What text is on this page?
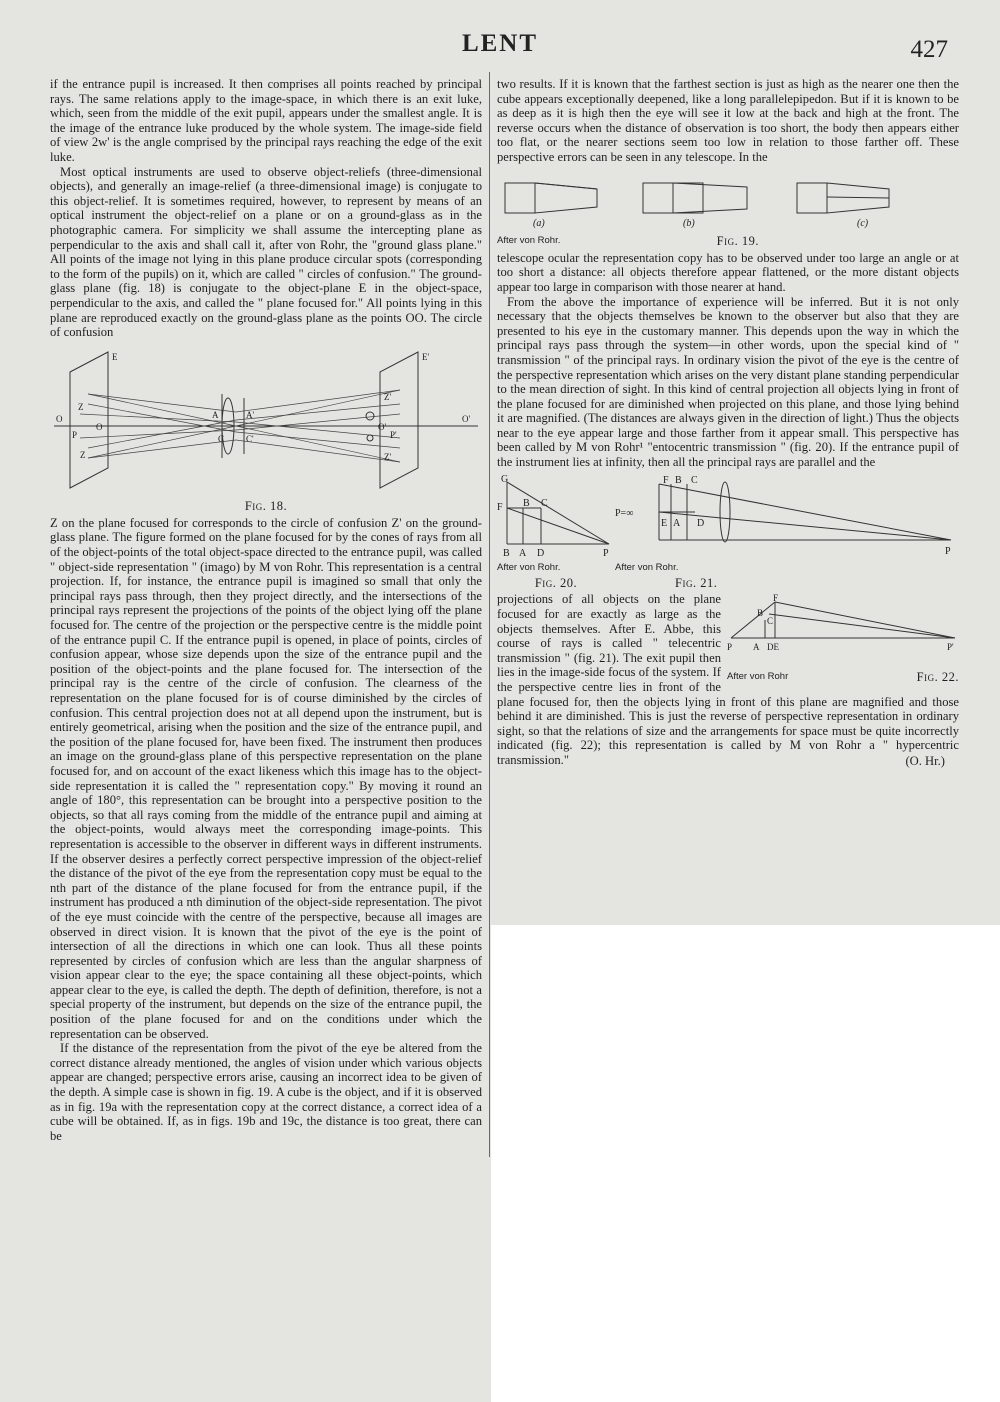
LENT	427

if the entrance pupil is increased. It then comprises all points reached by principal rays. The same relations apply to the image-space, in which there is an exit luke, which, seen from the middle of the exit pupil, appears under the smallest angle. It is the image of the entrance luke produced by the whole system. The image-side field of view 2w' is the angle comprised by the principal rays reaching the edge of the exit luke.

Most optical instruments are used to observe object-reliefs (three-dimensional objects), and generally an image-relief (a three-dimensional image) is conjugate to this object-relief. It is sometimes required, however, to represent by means of an optical instrument the object-relief on a plane or on a ground-glass as in the photographic camera. For simplicity we shall assume the intercepting plane as perpendicular to the axis and shall call it, after von Rohr, the "ground glass plane." All points of the image not lying in this plane produce circular spots (corresponding to the form of the pupils) on it, which are called " circles of confusion." The ground-glass plane (fig. 18) is conjugate to the object-plane E in the object-space, perpendicular to the axis, and called the " plane focused for." All points lying in this plane are reproduced exactly on the ground-glass plane as the points OO. The circle of confusion

E	E'
Z
Z'
A	A'
C C'
O	O'
P	P'
O	O'
Z	Z'
Fig. 18.

Z on the plane focused for corresponds to the circle of confusion Z' on the ground-glass plane. The figure formed on the plane focused for by the cones of rays from all of the object-points of the total object-space directed to the entrance pupil, was called " object-side representation " (imago) by M von Rohr. This representation is a central projection. If, for instance, the entrance pupil is imagined so small that only the principal rays pass through, then they project directly, and the intersections of the principal rays represent the projections of the points of the object lying off the plane focused for. The centre of the projection or the perspective centre is the middle point of the entrance pupil C. If the entrance pupil is opened, in place of points, circles of confusion appear, whose size depends upon the size of the entrance pupil and the position of the object-points and the plane focused for. The intersection of the principal ray is the centre of the circle of confusion. The clearness of the representation on the plane focused for is of course diminished by the circles of confusion. This central projection does not at all depend upon the instrument, but is entirely geometrical, arising when the position and the size of the entrance pupil, and the position of the plane focused for, have been fixed. The instrument then produces an image on the ground-glass plane of this perspective representation on the plane focused for, and on account of the exact likeness which this image has to the object-side representation it is called the " representation copy." By moving it round an angle of 180°, this representation can be brought into a perspective position to the objects, so that all rays coming from the middle of the entrance pupil and aiming at the object-points, would always meet the corresponding image-points. This representation is accessible to the observer in different ways in different instruments. If the observer desires a perfectly correct perspective impression of the object-relief the distance of the pivot of the eye from the representation copy must be equal to the nth part of the distance of the plane focused for from the entrance pupil, if the instrument has produced a nth diminution of the object-side representation. The pivot of the eye must coincide with the centre of the perspective, because all images are observed in direct vision. It is known that the pivot of the eye is the point of intersection of all the directions in which one can look. Thus all these points represented by circles of confusion which are less than the angular sharpness of vision appear clear to the eye; the space containing all these object-points, which appear clear to the eye, is called the depth. The depth of definition, therefore, is not a special property of the instrument, but depends on the size of the entrance pupil, the position of the plane focused for and on the conditions under which the representation can be observed.

If the distance of the representation from the pivot of the eye be altered from the correct distance already mentioned, the angles of vision under which various objects appear are changed; perspective errors arise, causing an incorrect idea to be given of the depth. A simple case is shown in fig. 19. A cube is the object, and if it is observed as in fig. 19a with the representation copy at the correct distance, a correct idea of a cube will be obtained. If, as in figs. 19b and 19c, the distance is too great, there can be

two results. If it is known that the farthest section is just as high as the nearer one then the cube appears exceptionally deepened, like a long parallelepipedon. But if it is known to be as deep as it is high then the eye will see it low at the back and high at the front. The reverse occurs when the distance of observation is too short, the body then appears either too flat, or the nearer sections seem too low in relation to those farther off. These perspective errors can be seen in any telescope. In the

(a)	(b)	(c)
After von Rohr.	Fig. 19.

telescope ocular the representation copy has to be observed under too large an angle or at too short a distance: all objects therefore appear flattened, or the more distant objects appear too large in comparison with those nearer at hand.

From the above the importance of experience will be inferred. But it is not only necessary that the objects themselves be known to the observer but also that they are presented to his eye in the customary manner. This depends upon the way in which the principal rays pass through the system—in other words, upon the special kind of " transmission " of the principal rays. In ordinary vision the pivot of the eye is the centre of the perspective representation which arises on the very distant plane standing perpendicular to the mean direction of sight. In this kind of central projection all objects lying in front of the plane focused for are diminished when projected on this plane, and those lying behind it are magnified. (The distances are always given in the direction of light.) Thus the objects near to the eye appear large and those farther from it appear small. This perspective has been called by M von Rohr¹ "entocentric transmission " (fig. 20). If the entrance pupil of the instrument lies at infinity, then all the principal rays are parallel and the

G
F B C
B A D	P
After von Rohr.
Fig. 20.
P=∞
F B C
E A D
P
After von Rohr.
Fig. 21.
F
B
C
P A DE	P'
After von Rohr	Fig. 22.

projections of all objects on the plane focused for are exactly as large as the objects themselves. After E. Abbe, this course of rays is called " telecentric transmission " (fig. 21). The exit pupil then lies in the image-side focus of the system. If the perspective centre lies in front of the plane focused for, then the objects lying in front of this plane are magnified and those behind it are diminished. This is just the reverse of perspective representation in ordinary sight, so that the relations of size and the arrangements for space must be quite incorrectly indicated (fig. 22); this representation is called by M von Rohr a " hypercentric transmission."	(O. Hr.)
